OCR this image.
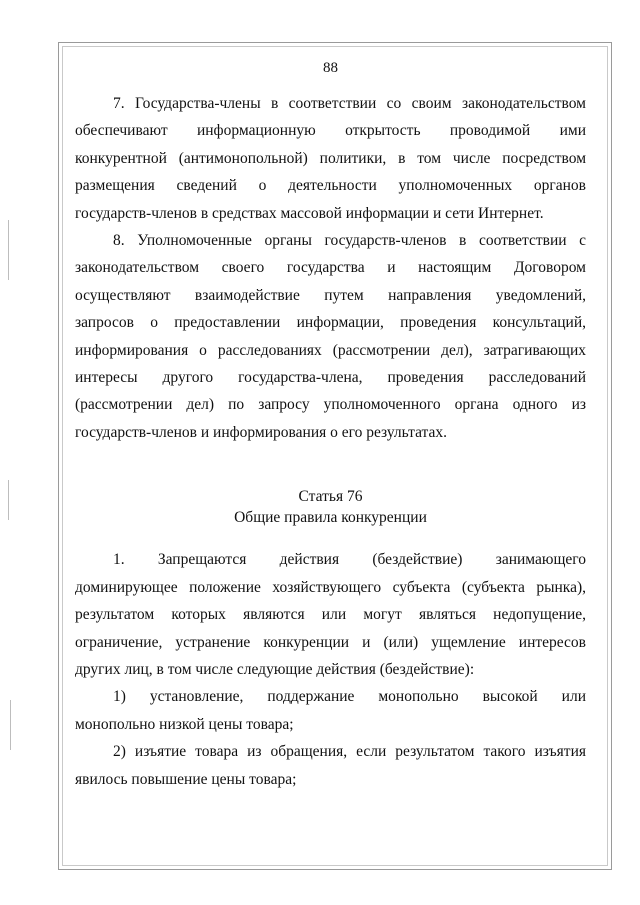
88
7. Государства-члены в соответствии со своим законодательством
обеспечивают информационную открытость проводимой ими
конкурентной (антимонопольной) политики, в том числе посредством
размещения сведений о деятельности уполномоченных органов
государств-членов в средствах массовой информации и сети Интернет.
8. Уполномоченные органы государств-членов в соответствии с
законодательством своего государства и настоящим Договором
осуществляют взаимодействие путем направления уведомлений,
запросов о предоставлении информации, проведения консультаций,
информирования о расследованиях (рассмотрении дел), затрагивающих
интересы другого государства-члена, проведения расследований
(рассмотрении дел) по запросу уполномоченного органа одного из
государств-членов и информирования о его результатах.
Статья 76
Общие правила конкуренции
1. Запрещаются действия (бездействие) занимающего
доминирующее положение хозяйствующего субъекта (субъекта рынка),
результатом которых являются или могут являться недопущение,
ограничение, устранение конкуренции и (или) ущемление интересов
других лиц, в том числе следующие действия (бездействие):
1) установление, поддержание монопольно высокой или
монопольно низкой цены товара;
2) изъятие товара из обращения, если результатом такого изъятия
явилось повышение цены товара;
